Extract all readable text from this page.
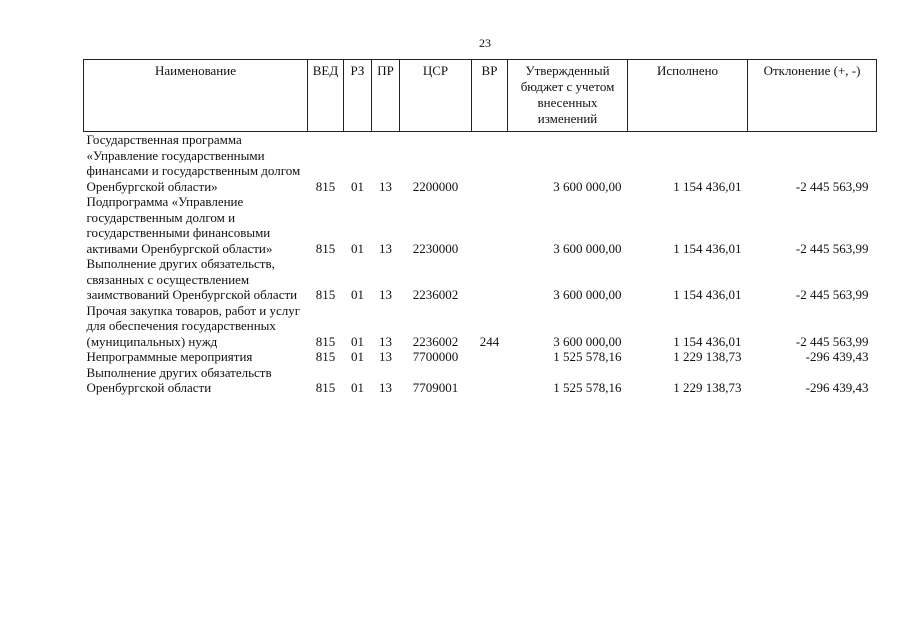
23
Наименование	ВЕД	РЗ	ПР	ЦСР	ВР	Утвержденный бюджет с учетом внесенных изменений	Исполнено	Отклонение (+, -)
Государственная программа «Управление государственными финансами и государственным долгом Оренбургской области»	815	01	13	2200000		3 600 000,00	1 154 436,01	-2 445 563,99
Подпрограмма «Управление государственным долгом и государственными финансовыми активами Оренбургской области»	815	01	13	2230000		3 600 000,00	1 154 436,01	-2 445 563,99
Выполнение других обязательств, связанных с осуществлением заимствований Оренбургской области	815	01	13	2236002		3 600 000,00	1 154 436,01	-2 445 563,99
Прочая закупка товаров, работ и услуг для обеспечения государственных (муниципальных) нужд	815	01	13	2236002	244	3 600 000,00	1 154 436,01	-2 445 563,99
Непрограммные мероприятия	815	01	13	7700000		1 525 578,16	1 229 138,73	-296 439,43
Выполнение других обязательств Оренбургской области	815	01	13	7709001		1 525 578,16	1 229 138,73	-296 439,43
